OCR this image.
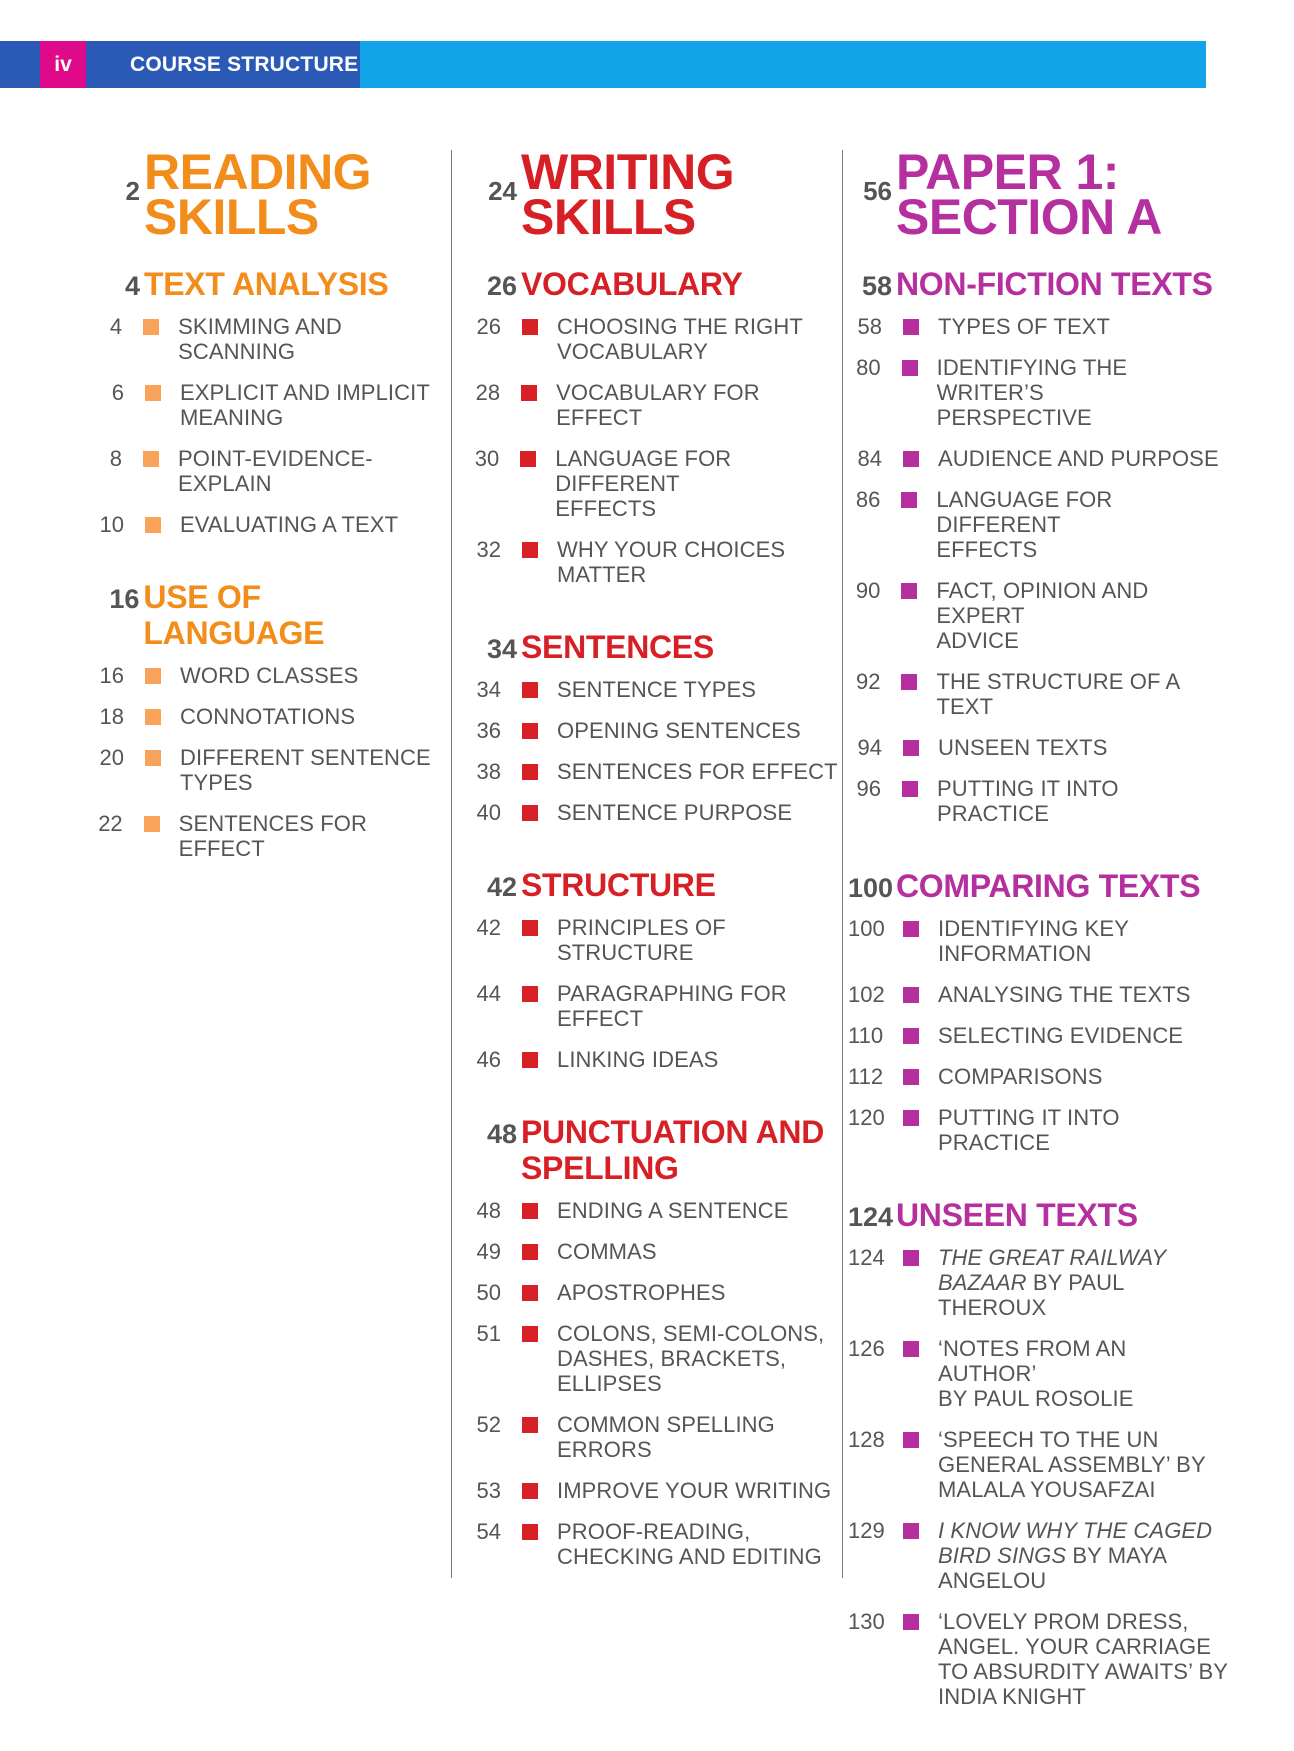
iv	COURSE STRUCTURE
2 READING
SKILLS
4 TEXT ANALYSIS
4	SKIMMING AND SCANNING
6	EXPLICIT AND IMPLICIT
MEANING
8	POINT-EVIDENCE-EXPLAIN
10	EVALUATING A TEXT
16 USE OF LANGUAGE
16	WORD CLASSES
18	CONNOTATIONS
20	DIFFERENT SENTENCE
TYPES
22	SENTENCES FOR EFFECT
24 WRITING
SKILLS
26 VOCABULARY
26	CHOOSING THE RIGHT
VOCABULARY
28	VOCABULARY FOR EFFECT
30	LANGUAGE FOR DIFFERENT
EFFECTS
32	WHY YOUR CHOICES
MATTER
34 SENTENCES
34	SENTENCE TYPES
36	OPENING SENTENCES
38	SENTENCES FOR EFFECT
40	SENTENCE PURPOSE
42 STRUCTURE
42	PRINCIPLES OF
STRUCTURE
44	PARAGRAPHING FOR
EFFECT
46	LINKING IDEAS
48 PUNCTUATION AND
SPELLING
48	ENDING A SENTENCE
49	COMMAS
50	APOSTROPHES
51	COLONS, SEMI-COLONS,
DASHES, BRACKETS,
ELLIPSES
52	COMMON SPELLING
ERRORS
53	IMPROVE YOUR WRITING
54	PROOF-READING,
CHECKING AND EDITING
56 PAPER 1:
SECTION A
58 NON-FICTION TEXTS
58	TYPES OF TEXT
80	IDENTIFYING THE WRITER’S
PERSPECTIVE
84	AUDIENCE AND PURPOSE
86	LANGUAGE FOR DIFFERENT
EFFECTS
90	FACT, OPINION AND EXPERT
ADVICE
92	THE STRUCTURE OF A TEXT
94	UNSEEN TEXTS
96	PUTTING IT INTO PRACTICE
100 COMPARING TEXTS
100 IDENTIFYING KEY
INFORMATION
102 ANALYSING THE TEXTS
110 SELECTING EVIDENCE
112 COMPARISONS
120 PUTTING IT INTO PRACTICE
124 UNSEEN TEXTS
124 THE GREAT RAILWAY
BAZAAR BY PAUL THEROUX
126 ‘NOTES FROM AN AUTHOR’
BY PAUL ROSOLIE
128 ‘SPEECH TO THE UN
GENERAL ASSEMBLY’ BY
MALALA YOUSAFZAI
129 I KNOW WHY THE CAGED
BIRD SINGS BY MAYA
ANGELOU
130 ‘LOVELY PROM DRESS,
ANGEL. YOUR CARRIAGE
TO ABSURDITY AWAITS’ BY
INDIA KNIGHT
